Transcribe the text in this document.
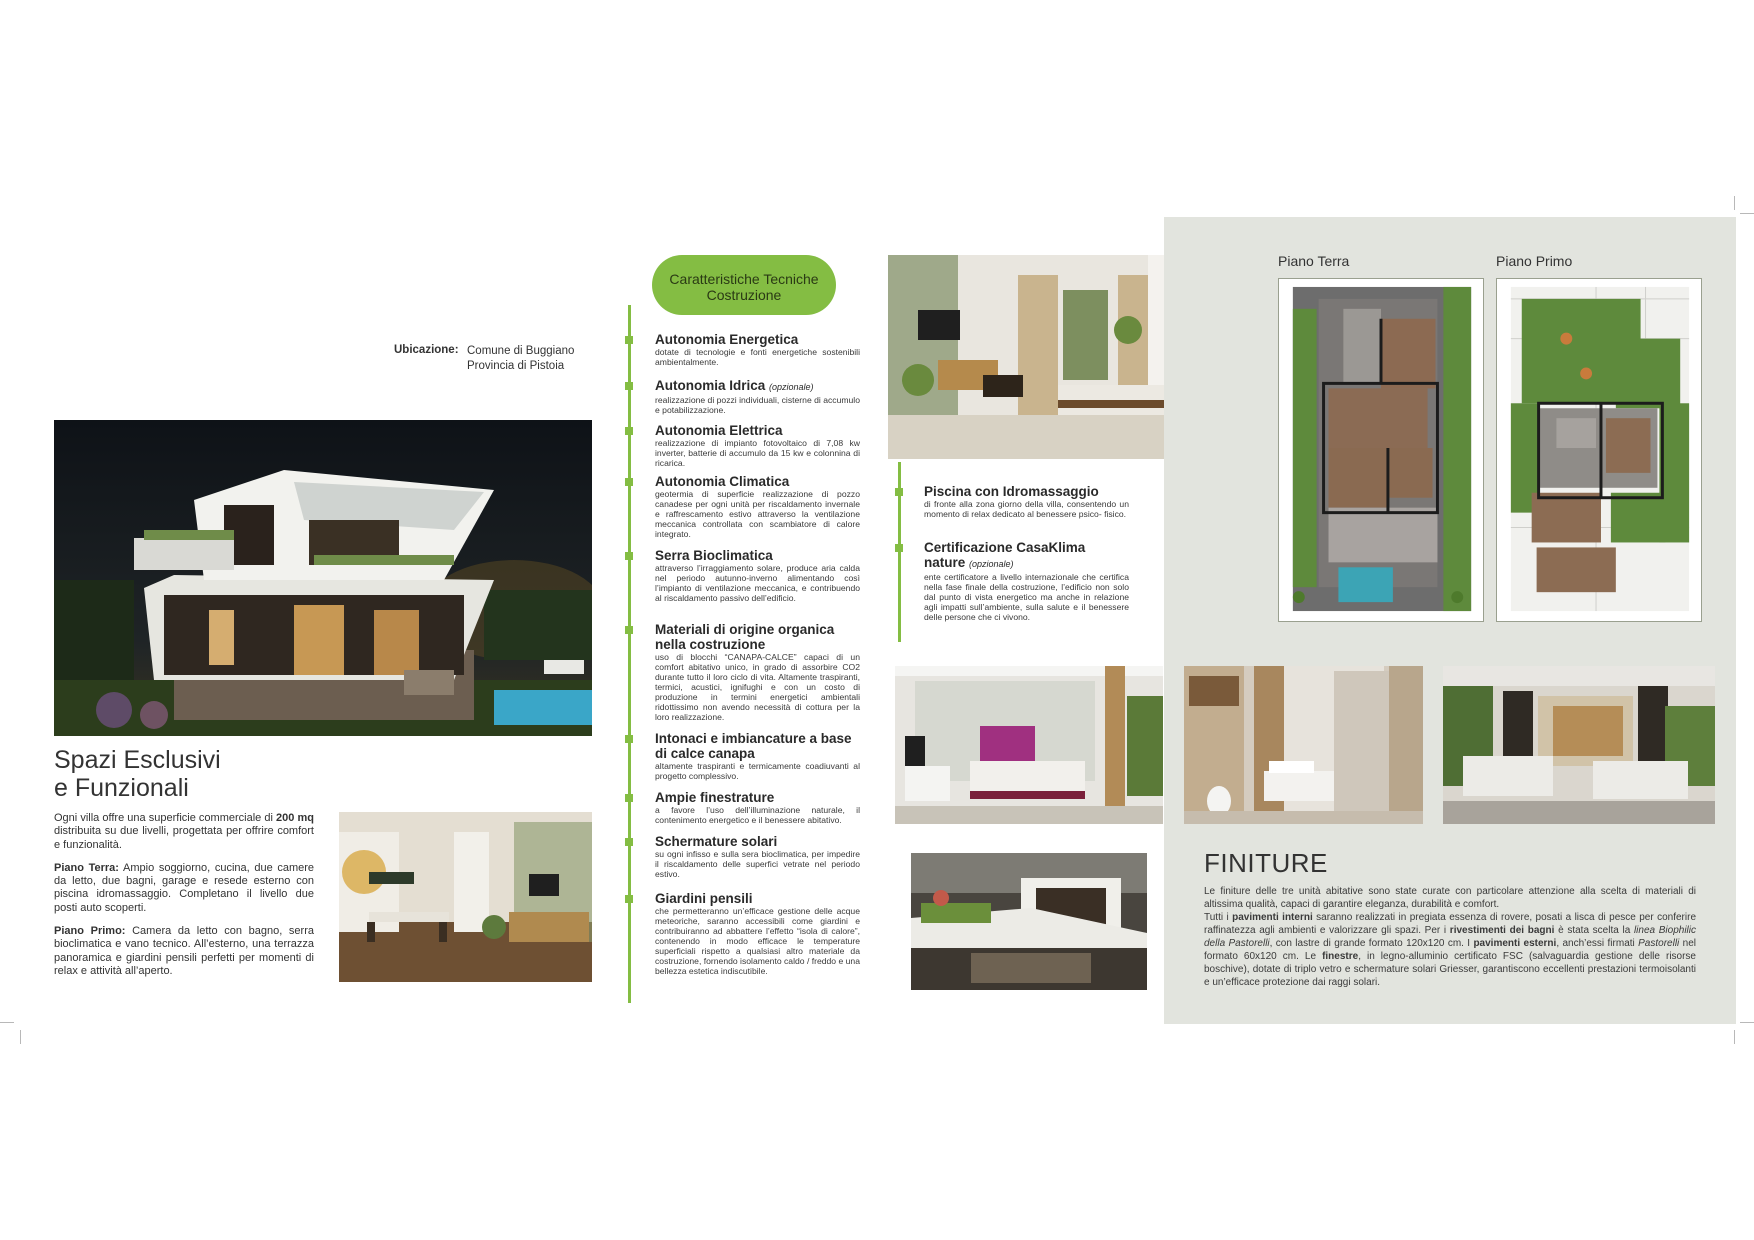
Ubicazione: Comune di Buggiano
Provincia di Pistoia
Spazi Esclusivi
e Funzionali

Ogni villa offre una superficie commerciale di 200 mq distribuita su due livelli, progettata per offrire comfort e funzionalità.

Piano Terra: Ampio soggiorno, cucina, due camere da letto, due bagni, garage e resede esterno con piscina idromassaggio. Completano il livello due posti auto scoperti.

Piano Primo: Camera da letto con bagno, serra bioclimatica e vano tecnico. All’esterno, una terrazza panoramica e giardini pensili perfetti per momenti di relax e attività all’aperto.

Caratteristiche Tecniche
Costruzione
Autonomia Energetica
dotate di tecnologie e fonti energetiche sostenibili ambientalmente.
Autonomia Idrica (opzionale)
realizzazione di pozzi individuali, cisterne di accumulo e potabilizzazione.
Autonomia Elettrica
realizzazione di impianto fotovoltaico di 7,08 kw inverter, batterie di accumulo da 15 kw e colonnina di ricarica.
Autonomia Climatica
geotermia di superficie realizzazione di pozzo canadese per ogni unità per riscaldamento invernale e raffrescamento estivo attraverso la ventilazione meccanica controllata con scambiatore di calore integrato.
Serra Bioclimatica
attraverso l’irraggiamento solare, produce aria calda nel periodo autunno-inverno alimentando così l’impianto di ventilazione meccanica, e contribuendo al riscaldamento passivo dell’edificio.
Materiali di origine organica nella costruzione
uso di blocchi “CANAPA-CALCE” capaci di un comfort abitativo unico, in grado di assorbire CO2 durante tutto il loro ciclo di vita. Altamente traspiranti, termici, acustici, ignifughi e con un costo di produzione in termini energetici ambientali ridottissimo non avendo necessità di cottura per la loro realizzazione.
Intonaci e imbiancature a base di calce canapa
altamente traspiranti e termicamente coadiuvanti al progetto complessivo.
Ampie finestrature
a favore l’uso dell’illuminazione naturale, il contenimento energetico e il benessere abitativo.
Schermature solari
su ogni infisso e sulla sera bioclimatica, per impedire il riscaldamento delle superfici vetrate nel periodo estivo.
Giardini pensili
che permetteranno un’efficace gestione delle acque meteoriche, saranno accessibili come giardini e contribuiranno ad abbattere l’effetto “isola di calore”, contenendo in modo efficace le temperature superficiali rispetto a qualsiasi altro materiale da costruzione, fornendo isolamento caldo / freddo e una bellezza estetica indiscutibile.
Piscina con Idromassaggio
di fronte alla zona giorno della villa, consentendo un momento di relax dedicato al benessere psico- fisico.
Certificazione CasaKlima nature (opzionale)
ente certificatore a livello internazionale che certifica nella fase finale della costruzione, l’edificio non solo dal punto di vista energetico ma anche in relazione agli impatti sull’ambiente, sulla salute e il benessere delle persone che ci vivono.
Piano Terra	Piano Primo
FINITURE
Le finiture delle tre unità abitative sono state curate con particolare attenzione alla scelta di materiali di altissima qualità, capaci di garantire eleganza, durabilità e comfort.
Tutti i pavimenti interni saranno realizzati in pregiata essenza di rovere, posati a lisca di pesce per conferire raffinatezza agli ambienti e valorizzare gli spazi. Per i rivestimenti dei bagni è stata scelta la linea Biophilic della Pastorelli, con lastre di grande formato 120x120 cm. I pavimenti esterni, anch’essi firmati Pastorelli nel formato 60x120 cm. Le finestre, in legno-alluminio certificato FSC (salvaguardia gestione delle risorse boschive), dotate di triplo vetro e schermature solari Griesser, garantiscono eccellenti prestazioni termoisolanti e un’efficace protezione dai raggi solari.
